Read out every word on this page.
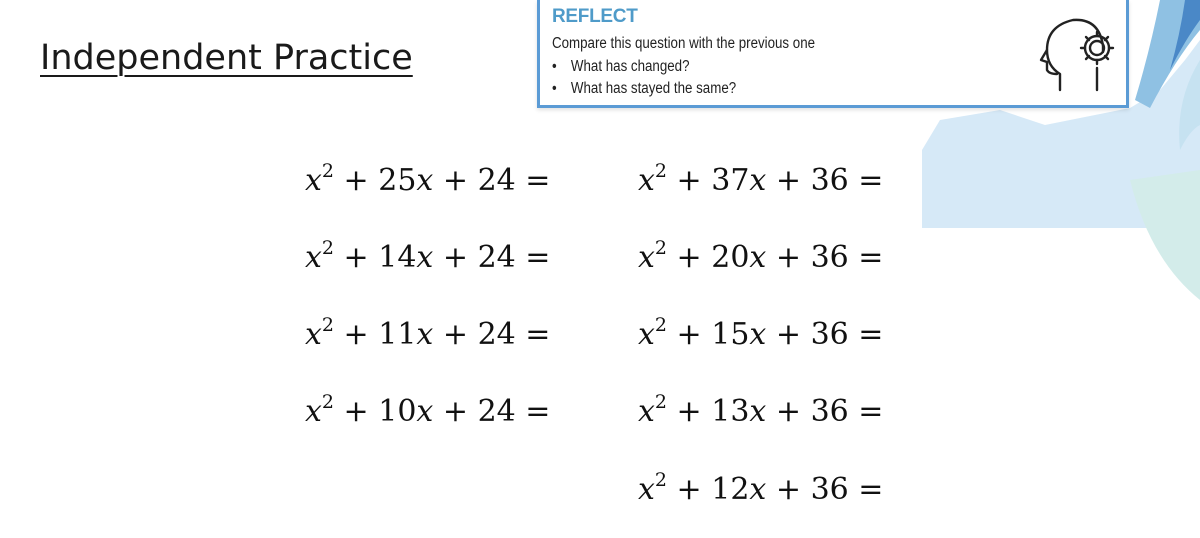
Independent Practice
REFLECT
Compare this question with the previous one
• What has changed?
• What has stayed the same?
$x^2 + 25x + 24$ =
$x^2 + 14x + 24$ =
$x^2 + 11x + 24$ =
$x^2 + 10x + 24$ =
$x^2 + 37x + 36$ =
$x^2 + 20x + 36$ =
$x^2 + 15x + 36$ =
$x^2 + 13x + 36$ =
$x^2 + 12x + 36$ =
